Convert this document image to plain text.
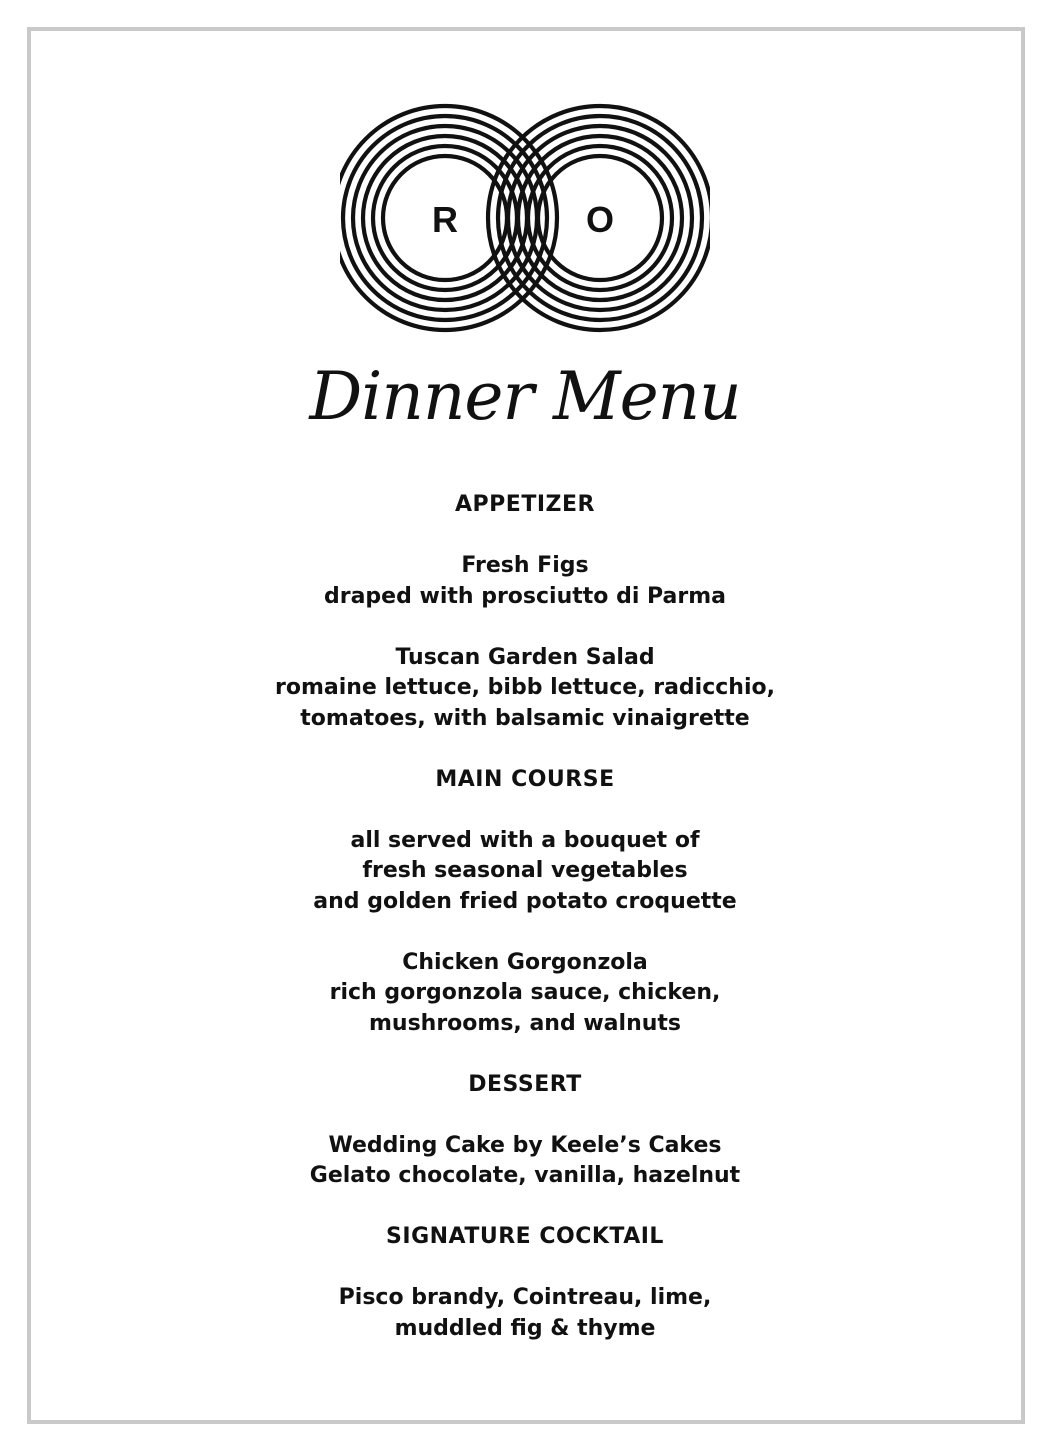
R	O
Dinner Menu
APPETIZER
Fresh Figs
draped with prosciutto di Parma
Tuscan Garden Salad
romaine lettuce, bibb lettuce, radicchio,
tomatoes, with balsamic vinaigrette
MAIN COURSE
all served with a bouquet of
fresh seasonal vegetables
and golden fried potato croquette
Chicken Gorgonzola
rich gorgonzola sauce, chicken,
mushrooms, and walnuts
DESSERT
Wedding Cake by Keele’s Cakes
Gelato chocolate, vanilla, hazelnut
SIGNATURE COCKTAIL
Pisco brandy, Cointreau, lime,
muddled fig & thyme
